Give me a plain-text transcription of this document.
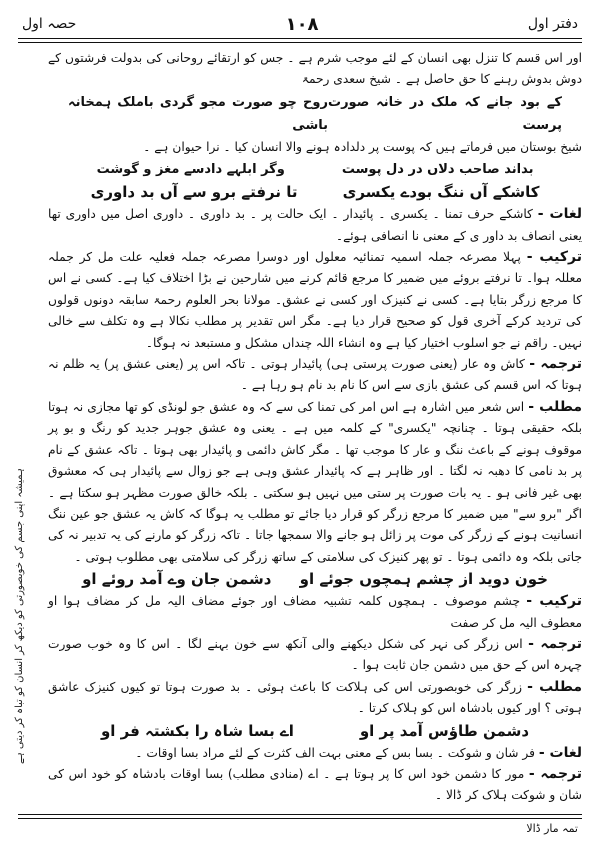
دفتر اول
۱۰۸
حصہ اول

اور اس قسم کا تنزل بھی انسان کے لئے موجب شرم ہے ۔ جس کو ارتقائے روحانی کی بدولت فرشتوں کے دوش بدوش رہنے کا حق حاصل ہے ۔ شیخ سعدی رحمۃ

کے بود جانے کہ ملک در خانہ صورت پرست
روح چو صورت مجو گردی باملک ہمخانہ باشی

شیخ بوستان میں فرماتے ہیں کہ پوست پر دلدادہ ہونے والا انسان کیا ۔ نرا حیوان ہے ۔

بداند صاحب دلاں در دل پوست
وگر ابلہے دادسے مغز و گوشت
کاشکے آں ننگ بودے یکسری
تا نرفتے برو سے آں بد داوری

لغات - کاشکے حرف تمنا ۔ یکسری ۔ پائیدار ۔ ایک حالت پر ۔ بد داوری ۔ داوری اصل میں داوری تھا یعنی انصاف بد داور ی کے معنی نا انصافی ہوئے۔

ترکیب - پہلا مصرعہ جملہ اسمیہ تمنائیہ معلول اور دوسرا مصرعہ جملہ فعلیہ علت مل کر جملہ معللہ ہوا۔ تا نرفتے بروئے میں ضمیر کا مرجع قائم کرنے میں شارحین نے بڑا اختلاف کیا ہے۔ کسی نے اس کا مرجع زرگر بتایا ہے۔ کسی نے کنیزک اور کسی نے عشق۔ مولانا بحر العلوم رحمۃ سابقہ دونوں قولوں کی تردید کرکے آخری قول کو صحیح قرار دیا ہے۔ مگر اس تقدیر پر مطلب نکالا ہے وہ تکلف سے خالی نہیں۔ راقم نے جو اسلوب اختیار کیا ہے وہ انشاء اللہ چنداں مشکل و مستبعد نہ ہوگا۔

ترجمہ - کاش وہ عار (یعنی صورت پرستی ہی) پائیدار ہوتی ۔ تاکہ اس پر (یعنی عشق پر) یہ ظلم نہ ہوتا کہ اس قسم کی عشق بازی سے اس کا نام بد نام ہو رہا ہے ۔

مطلب - اس شعر میں اشارہ ہے اس امر کی تمنا کی سے کہ وہ عشق جو لونڈی کو تھا مجازی نہ ہوتا بلکہ حقیقی ہوتا ۔ چنانچہ "یکسری" کے کلمہ میں ہے ۔ یعنی وہ عشق جوہر جدید کو رنگ و بو پر موقوف ہونے کے باعث ننگ و عار کا موجب تھا ۔ مگر کاش دائمی و پائیدار بھی ہوتا ۔ تاکہ عشق کے نام پر بد نامی کا دھبہ نہ لگتا ۔ اور ظاہر ہے کہ پائیدار عشق وہی ہے جو زوال سے پائیدار ہی کہ معشوق بھی غیر فانی ہو ۔ یہ بات صورت پر ستی میں نہیں ہو سکتی ۔ بلکہ خالق صورت مظہر ہو سکتا ہے ۔ اگر "برو سے" میں ضمیر کا مرجع زرگر کو قرار دیا جائے تو مطلب یہ ہوگا کہ کاش یہ عشق جو عین ننگ انسانیت ہونے کے زرگر کی موت پر زائل ہو جانے والا سمجھا جاتا ۔ تاکہ زرگر کو مارنے کی یہ تدبیر نہ کی جاتی بلکہ وہ دائمی ہوتا ۔ تو پھر کنیزک کی سلامتی کے ساتھ زرگر کی سلامتی بھی مطلوب ہوتی ۔

خون دوید از چشم ہمچوں جوئے او
دشمن جان وے آمد روئے او

ترکیب - چشم موصوف ۔ ہمچوں کلمہ تشبیہ مضاف اور جوئے مضاف الیہ مل کر مضاف ہوا او معطوف الیہ مل کر صفت

ترجمہ - اس زرگر کی نہر کی شکل دیکھنے والی آنکھ سے خون بہنے لگا ۔ اس کا وہ خوب صورت چہرہ اس کے حق میں دشمن جان ثابت ہوا ۔

مطلب - زرگر کی خوبصورتی اس کی ہلاکت کا باعث ہوئی ۔ بد صورت ہوتا تو کیوں کنیزک عاشق ہوتی ؟ اور کیوں بادشاہ اس کو ہلاک کرتا ۔

دشمن طاؤس آمد پر او
اے بسا شاہ را بکشتہ فر او

لغات - فر شان و شوکت ۔ بسا بس کے معنی بہت الف کثرت کے لئے مراد بسا اوقات ۔

ترجمہ - مور کا دشمن خود اس کا پر ہوتا ہے ۔ اے (منادی مطلب) بسا اوقات بادشاہ کو خود اس کی شان و شوکت ہلاک کر ڈالا ۔

ہمیشہ اپنی جسم کی خوبصورتی کو دیکھ کر انسان کو تباہ کر دیتی ہے
تمہ مار ڈالا
